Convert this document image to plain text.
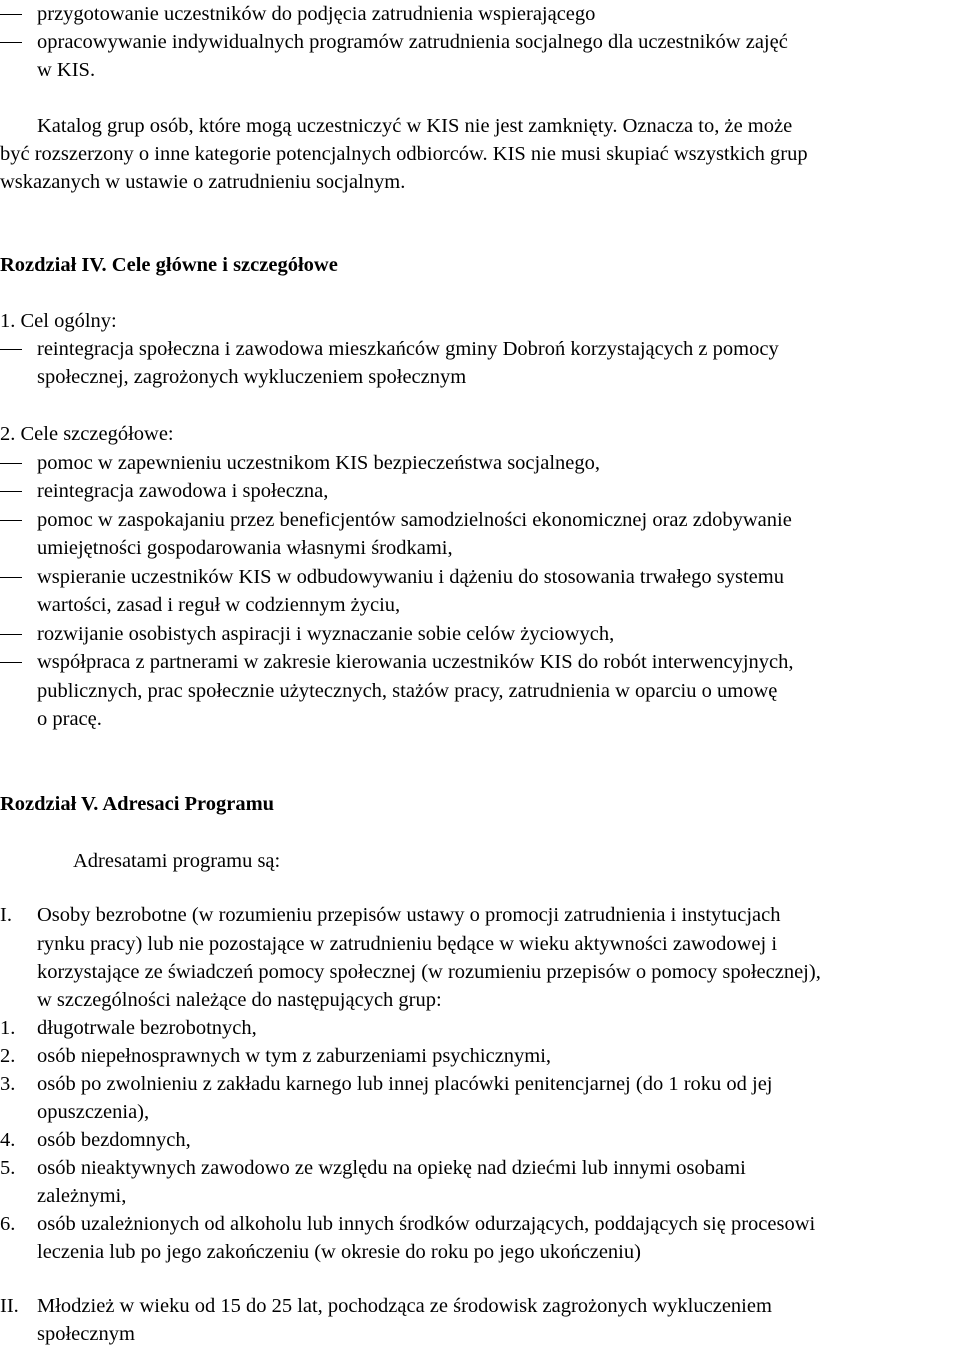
przygotowanie uczestników do podjęcia zatrudnienia wspierającego
opracowywanie indywidualnych programów zatrudnienia socjalnego dla uczestników zajęć
w KIS.
Katalog grup osób, które mogą uczestniczyć w KIS nie jest zamknięty. Oznacza to, że może
być rozszerzony o inne kategorie potencjalnych odbiorców. KIS nie musi skupiać wszystkich grup
wskazanych w ustawie o zatrudnieniu socjalnym.
Rozdział IV. Cele główne i szczegółowe
1. Cel ogólny:
reintegracja społeczna i zawodowa mieszkańców gminy Dobroń korzystających z pomocy
społecznej, zagrożonych wykluczeniem społecznym
2. Cele szczegółowe:
pomoc w zapewnieniu uczestnikom KIS bezpieczeństwa socjalnego,
reintegracja zawodowa i społeczna,
pomoc w zaspokajaniu przez beneficjentów samodzielności ekonomicznej oraz zdobywanie
umiejętności gospodarowania własnymi środkami,
wspieranie uczestników KIS w odbudowywaniu i dążeniu do stosowania trwałego systemu
wartości, zasad i reguł w codziennym życiu,
rozwijanie osobistych aspiracji i wyznaczanie sobie celów życiowych,
współpraca z partnerami w zakresie kierowania uczestników KIS do robót interwencyjnych,
publicznych, prac społecznie użytecznych, stażów pracy, zatrudnienia w oparciu o umowę
o pracę.
Rozdział V. Adresaci Programu
Adresatami programu są:
I. Osoby bezrobotne (w rozumieniu przepisów ustawy o promocji zatrudnienia i instytucjach
rynku pracy) lub nie pozostające w zatrudnieniu będące w wieku aktywności zawodowej i
korzystające ze świadczeń pomocy społecznej (w rozumieniu przepisów o pomocy społecznej),
w szczególności należące do następujących grup:
1. długotrwale bezrobotnych,
2. osób niepełnosprawnych w tym z zaburzeniami psychicznymi,
3. osób po zwolnieniu z zakładu karnego lub innej placówki penitencjarnej (do 1 roku od jej
opuszczenia),
4. osób bezdomnych,
5. osób nieaktywnych zawodowo ze względu na opiekę nad dziećmi lub innymi osobami
zależnymi,
6. osób uzależnionych od alkoholu lub innych środków odurzających, poddających się procesowi
leczenia lub po jego zakończeniu (w okresie do roku po jego ukończeniu)
II. Młodzież w wieku od 15 do 25 lat, pochodząca ze środowisk zagrożonych wykluczeniem
społecznym
